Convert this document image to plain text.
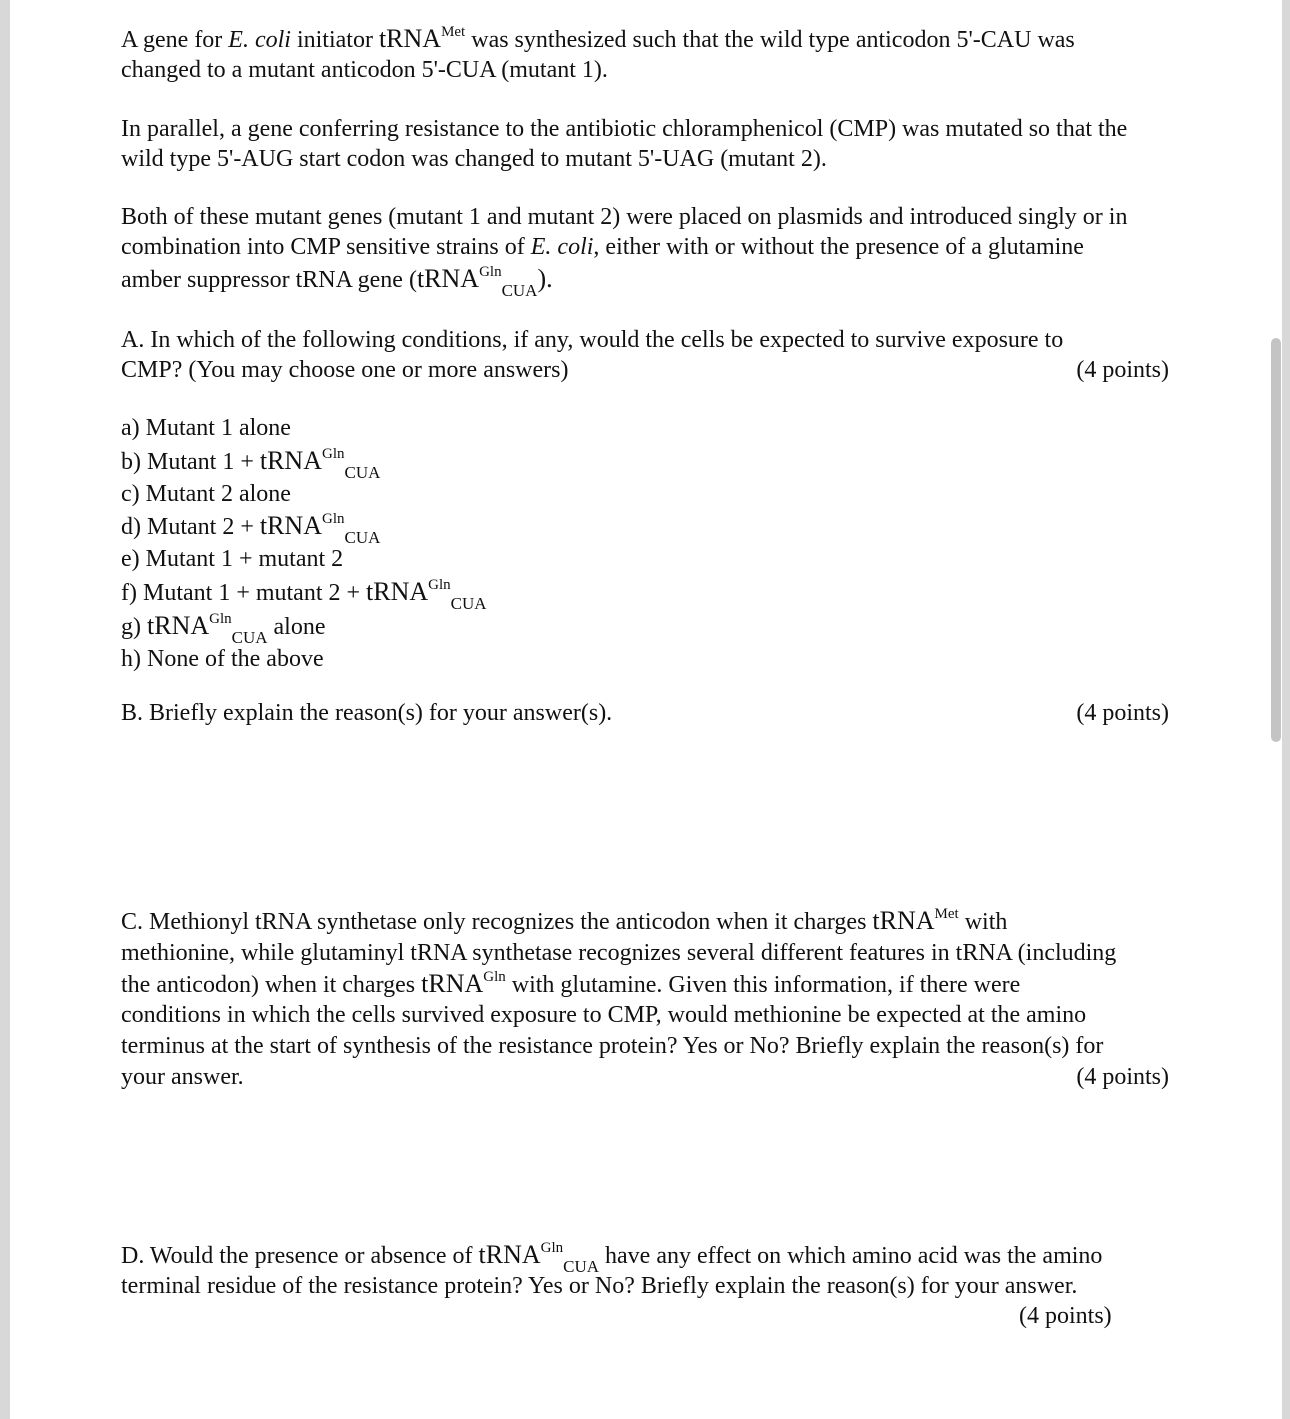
A gene for E. coli initiator tRNA$^{Met}$ was synthesized such that the wild type anticodon 5'-CAU was
changed to a mutant anticodon 5'-CUA (mutant 1).
In parallel, a gene conferring resistance to the antibiotic chloramphenicol (CMP) was mutated so that the
wild type 5'-AUG start codon was changed to mutant 5'-UAG (mutant 2).
Both of these mutant genes (mutant 1 and mutant 2) were placed on plasmids and introduced singly or in
combination into CMP sensitive strains of E. coli, either with or without the presence of a glutamine
amber suppressor tRNA gene (tRNA$^{Gln}_{CUA}$).
A. In which of the following conditions, if any, would the cells be expected to survive exposure to
CMP? (You may choose one or more answers)	(4 points)
a) Mutant 1 alone
b) Mutant 1 + tRNA$^{Gln}_{CUA}$
c) Mutant 2 alone
d) Mutant 2 + tRNA$^{Gln}_{CUA}$
e) Mutant 1 + mutant 2
f) Mutant 1 + mutant 2 + tRNA$^{Gln}_{CUA}$
g) tRNA$^{Gln}_{CUA}$ alone
h) None of the above
B. Briefly explain the reason(s) for your answer(s).	(4 points)
C. Methionyl tRNA synthetase only recognizes the anticodon when it charges tRNA$^{Met}$ with
methionine, while glutaminyl tRNA synthetase recognizes several different features in tRNA (including
the anticodon) when it charges tRNA$^{Gln}$ with glutamine. Given this information, if there were
conditions in which the cells survived exposure to CMP, would methionine be expected at the amino
terminus at the start of synthesis of the resistance protein? Yes or No? Briefly explain the reason(s) for
your answer.	(4 points)
D. Would the presence or absence of tRNA$^{Gln}_{CUA}$ have any effect on which amino acid was the amino
terminal residue of the resistance protein? Yes or No? Briefly explain the reason(s) for your answer.
(4 points)
